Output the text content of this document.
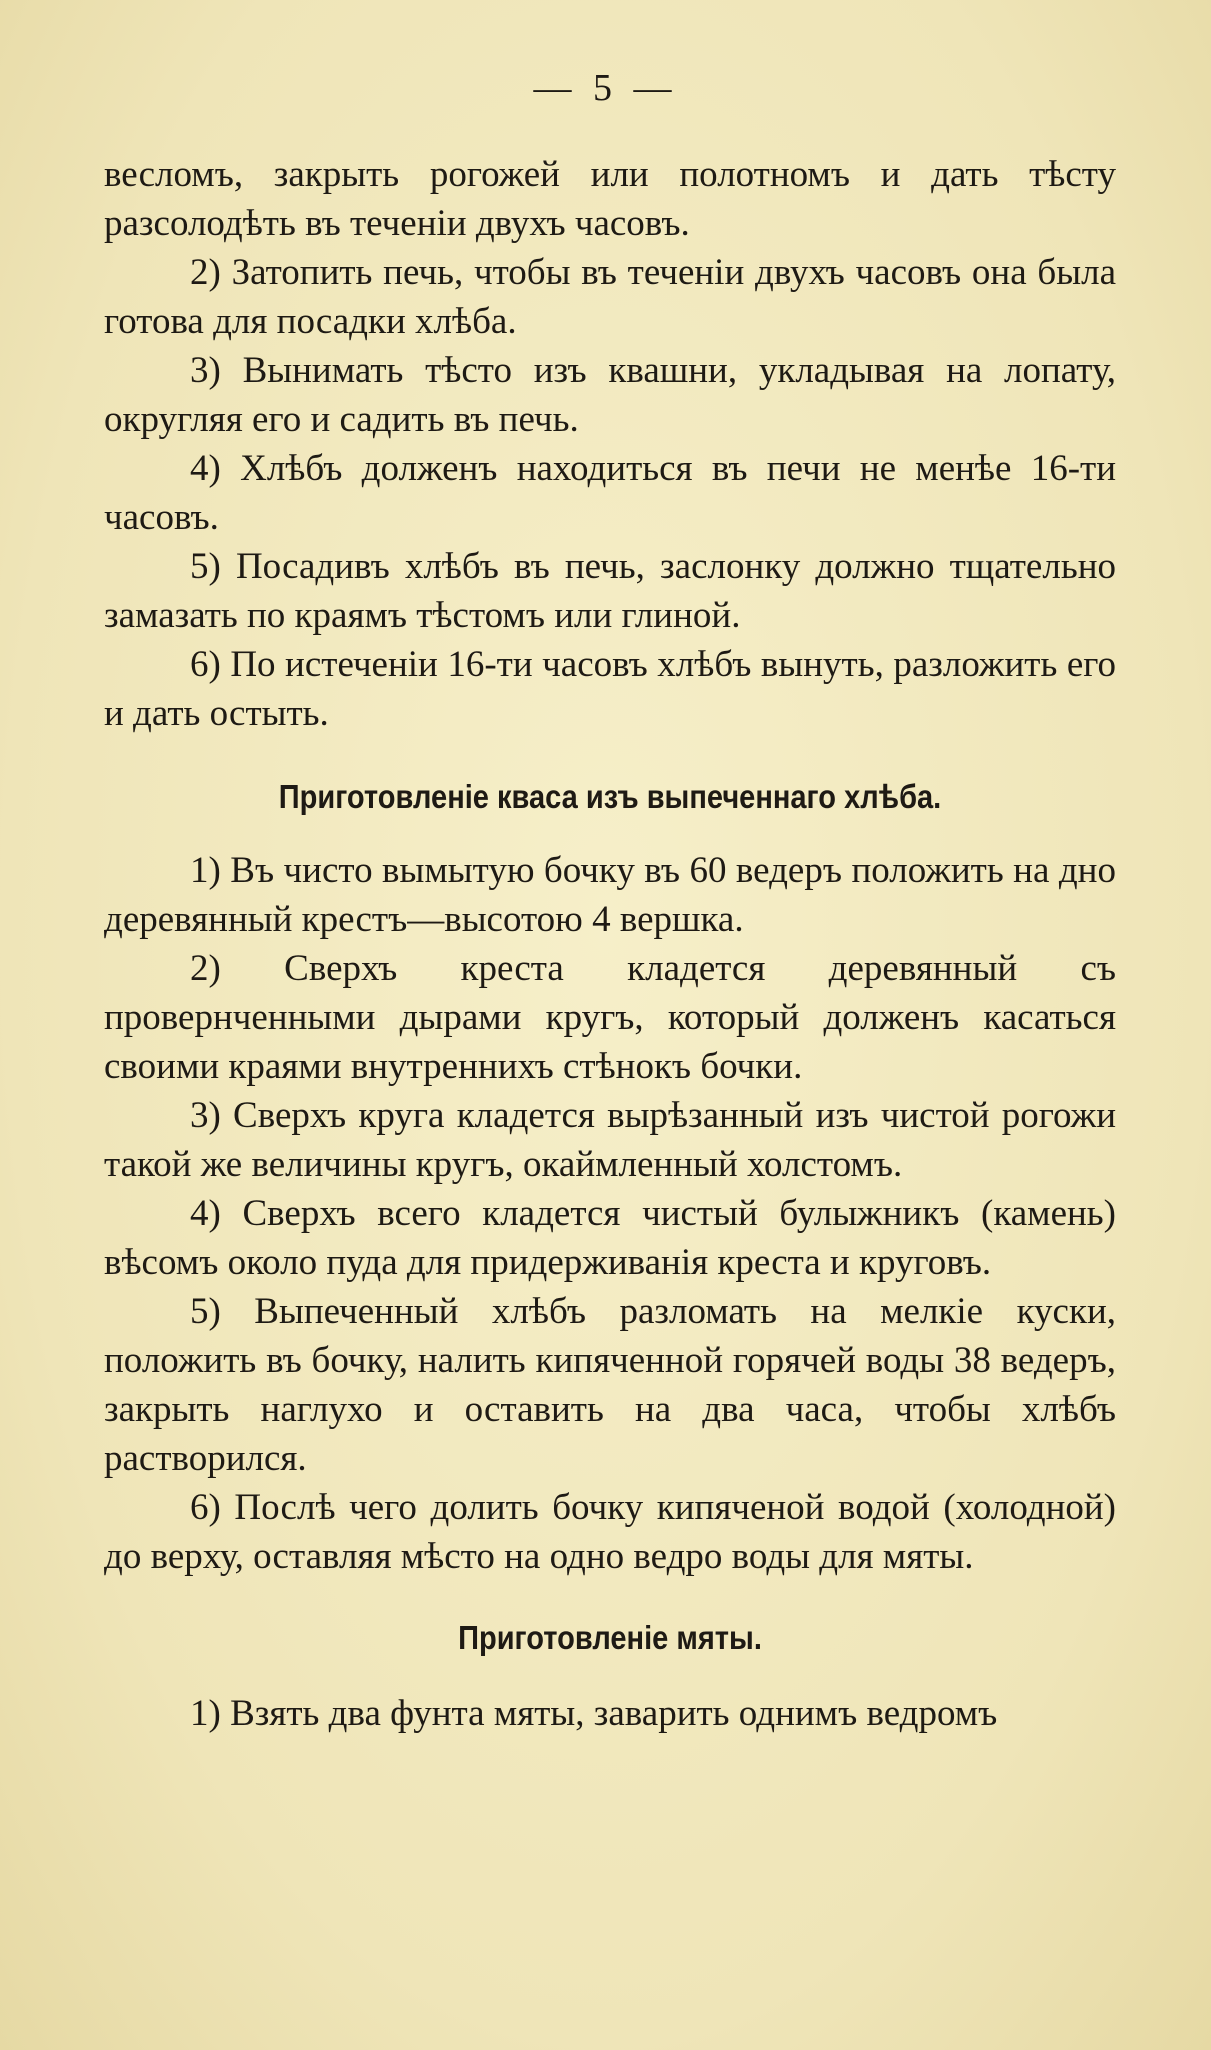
— 5 —

весломъ, закрыть рогожей или полотномъ и дать тѣсту разсолодѣть въ теченiи двухъ часовъ.

2) Затопить печь, чтобы въ теченiи двухъ часовъ она была готова для посадки хлѣба.

3) Вынимать тѣсто изъ квашни, укладывая на лопату, округляя его и садить въ печь.

4) Хлѣбъ долженъ находиться въ печи не менѣе 16-ти часовъ.

5) Посадивъ хлѣбъ въ печь, заслонку должно тщательно замазать по краямъ тѣстомъ или глиной.

6) По истеченiи 16-ти часовъ хлѣбъ вынуть, разложить его и дать остыть.

Приготовленiе кваса изъ выпеченнаго хлѣба.

1) Въ чисто вымытую бочку въ 60 ведеръ положить на дно деревянный крестъ—высотою 4 вершка.

2) Сверхъ креста кладется деревянный съ провернченными дырами кругъ, который долженъ касаться своими краями внутреннихъ стѣнокъ бочки.

3) Сверхъ круга кладется вырѣзанный изъ чистой рогожи такой же величины кругъ, окаймленный холстомъ.

4) Сверхъ всего кладется чистый булыжникъ (камень) вѣсомъ около пуда для придерживанiя креста и круговъ.

5) Выпеченный хлѣбъ разломать на мелкiе куски, положить въ бочку, налить кипяченной горячей воды 38 ведеръ, закрыть наглухо и оставить на два часа, чтобы хлѣбъ растворился.

6) Послѣ чего долить бочку кипяченой водой (холодной) до верху, оставляя мѣсто на одно ведро воды для мяты.

Приготовленiе мяты.

1) Взять два фунта мяты, заварить однимъ ведромъ
